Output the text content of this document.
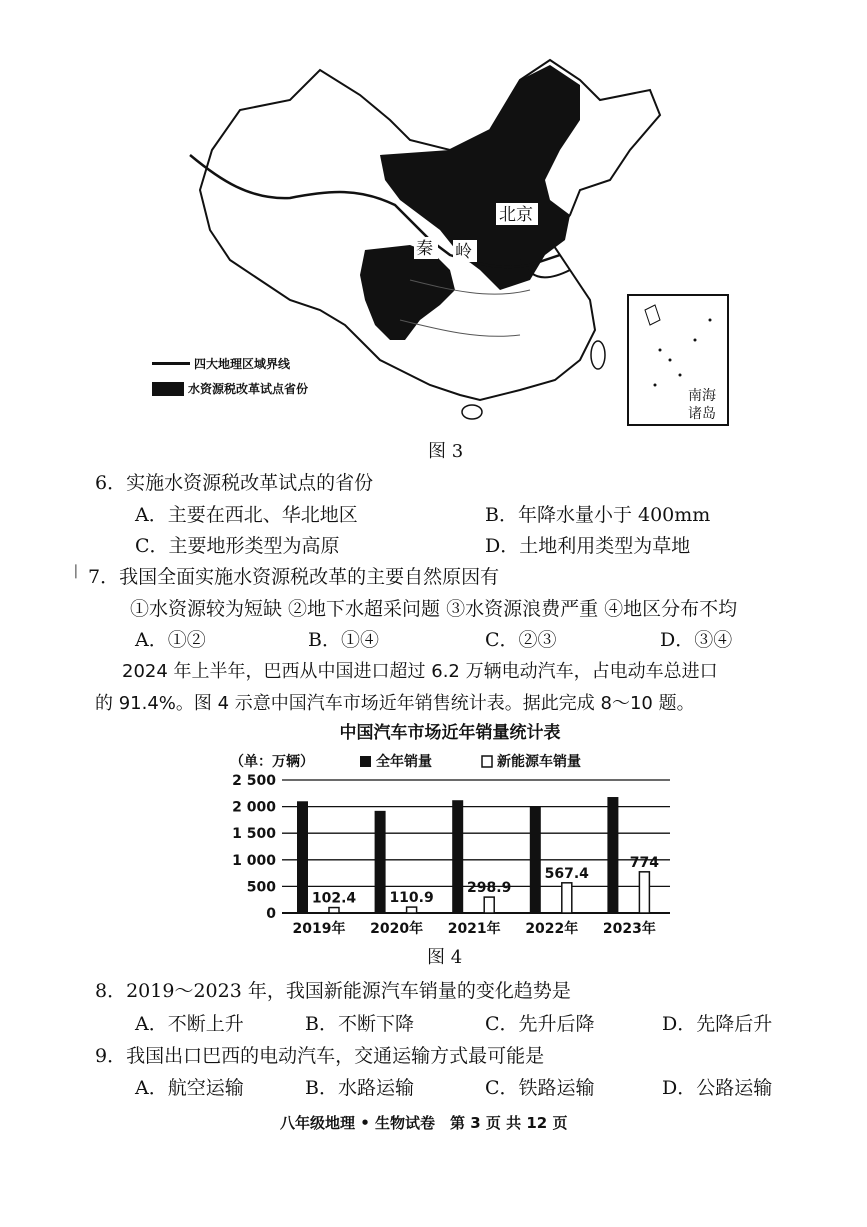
北京
秦 岭
南海
诸岛
四大地理区域界线
水资源税改革试点省份
图 3
6．实施水资源税改革试点的省份
A．主要在西北、华北地区	B．年降水量小于 400mm
C．主要地形类型为高原	D．土地利用类型为草地
❘ 7．我国全面实施水资源税改革的主要自然原因有
①水资源较为短缺 ②地下水超采问题 ③水资源浪费严重 ④地区分布不均
A．①②	B．①④	C．②③	D．③④
2024 年上半年，巴西从中国进口超过 6.2 万辆电动汽车，占电动车总进口
的 91.4%。图 4 示意中国汽车市场近年销售统计表。据此完成 8～10 题。
中国汽车市场近年销量统计表
（单：万辆）	全年销量	新能源车销量
2 500
2 000
1 500
1 000
500
0
102.4
2019年
110.9
2020年
298.9
2021年
567.4
2022年
774
2023年
图 4
8．2019～2023 年，我国新能源汽车销量的变化趋势是
A．不断上升	B．不断下降	C．先升后降	D．先降后升
9．我国出口巴西的电动汽车，交通运输方式最可能是
A．航空运输	B．水路运输	C．铁路运输	D．公路运输
八年级地理 • 生物试卷　第 3 页 共 12 页
